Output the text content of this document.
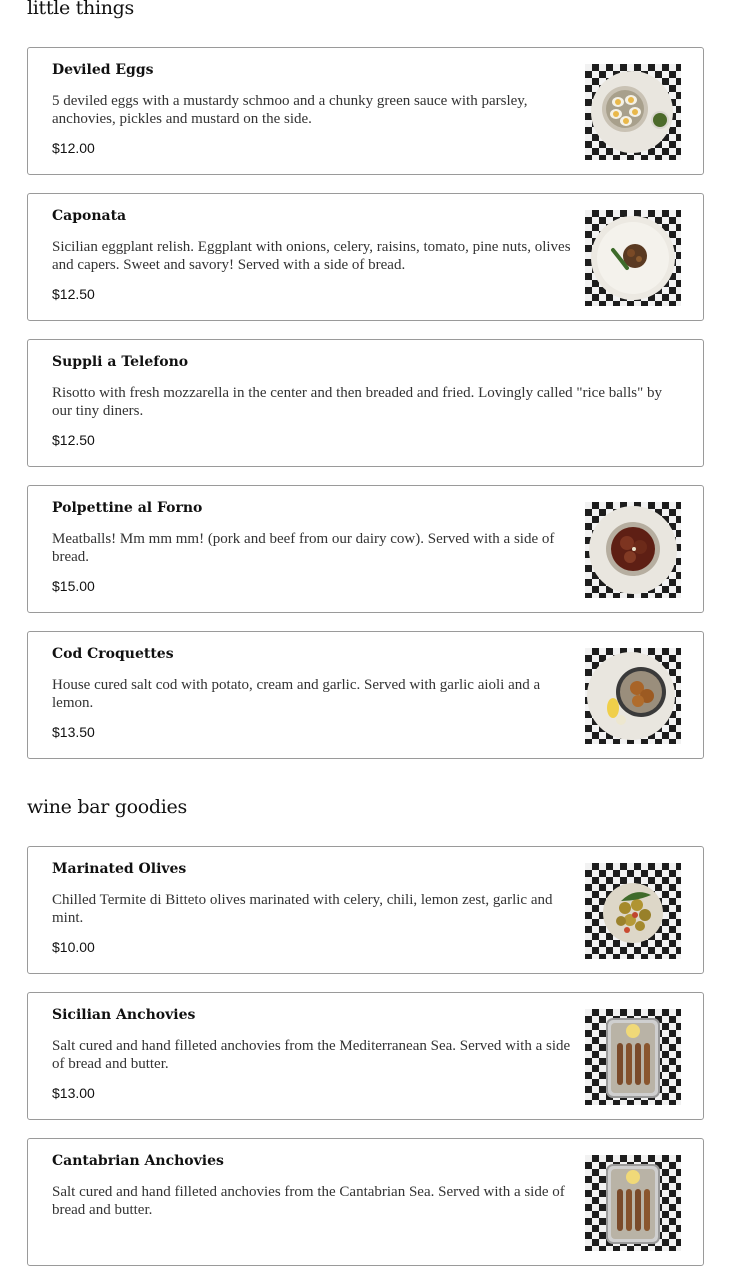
little things
Deviled Eggs

5 deviled eggs with a mustardy schmoo and a chunky green sauce with parsley, anchovies, pickles and mustard on the side.

$12.00
Caponata

Sicilian eggplant relish. Eggplant with onions, celery, raisins, tomato, pine nuts, olives and capers. Sweet and savory! Served with a side of bread.

$12.50
Suppli a Telefono

Risotto with fresh mozzarella in the center and then breaded and fried. Lovingly called "rice balls" by our tiny diners.

$12.50
Polpettine al Forno

Meatballs! Mm mm mm! (pork and beef from our dairy cow). Served with a side of bread.

$15.00
Cod Croquettes

House cured salt cod with potato, cream and garlic. Served with garlic aioli and a lemon.

$13.50
wine bar goodies
Marinated Olives

Chilled Termite di Bitteto olives marinated with celery, chili, lemon zest, garlic and mint.

$10.00
Sicilian Anchovies

Salt cured and hand filleted anchovies from the Mediterranean Sea. Served with a side of bread and butter.

$13.00
Cantabrian Anchovies

Salt cured and hand filleted anchovies from the Cantabrian Sea. Served with a side of bread and butter.
